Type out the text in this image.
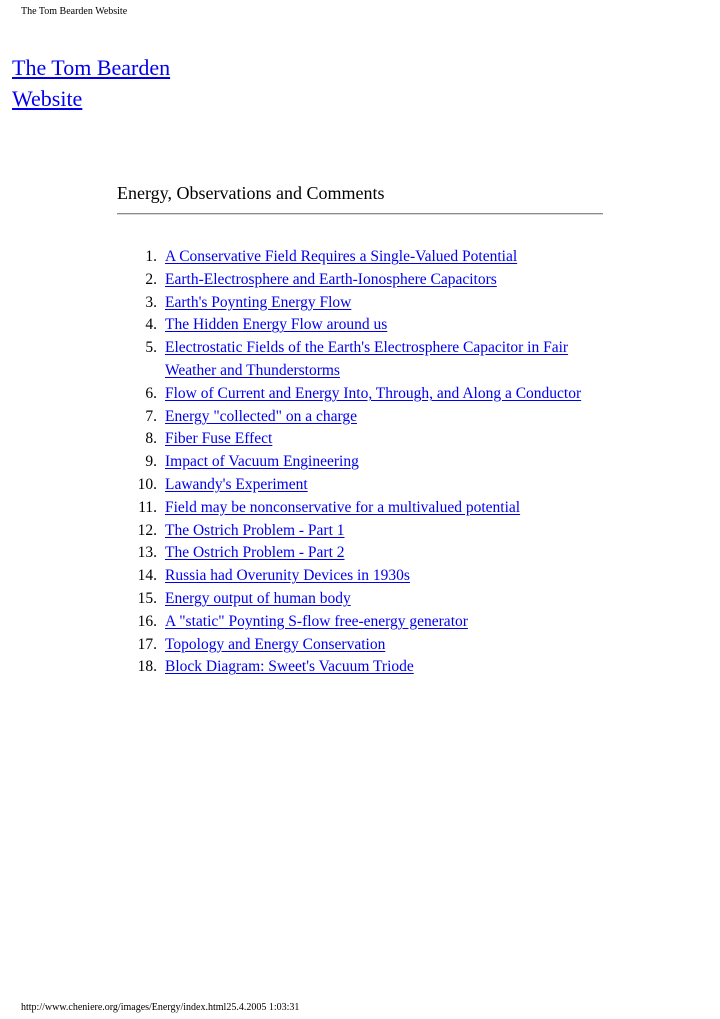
The Tom Bearden Website
The Tom Bearden Website
Energy, Observations and Comments
1. A Conservative Field Requires a Single-Valued Potential
2. Earth-Electrosphere and Earth-Ionosphere Capacitors
3. Earth's Poynting Energy Flow
4. The Hidden Energy Flow around us
5. Electrostatic Fields of the Earth's Electrosphere Capacitor in Fair Weather and Thunderstorms
6. Flow of Current and Energy Into, Through, and Along a Conductor
7. Energy "collected" on a charge
8. Fiber Fuse Effect
9. Impact of Vacuum Engineering
10. Lawandy's Experiment
11. Field may be nonconservative for a multivalued potential
12. The Ostrich Problem - Part 1
13. The Ostrich Problem - Part 2
14. Russia had Overunity Devices in 1930s
15. Energy output of human body
16. A "static" Poynting S-flow free-energy generator
17. Topology and Energy Conservation
18. Block Diagram: Sweet's Vacuum Triode
http://www.cheniere.org/images/Energy/index.html25.4.2005 1:03:31
